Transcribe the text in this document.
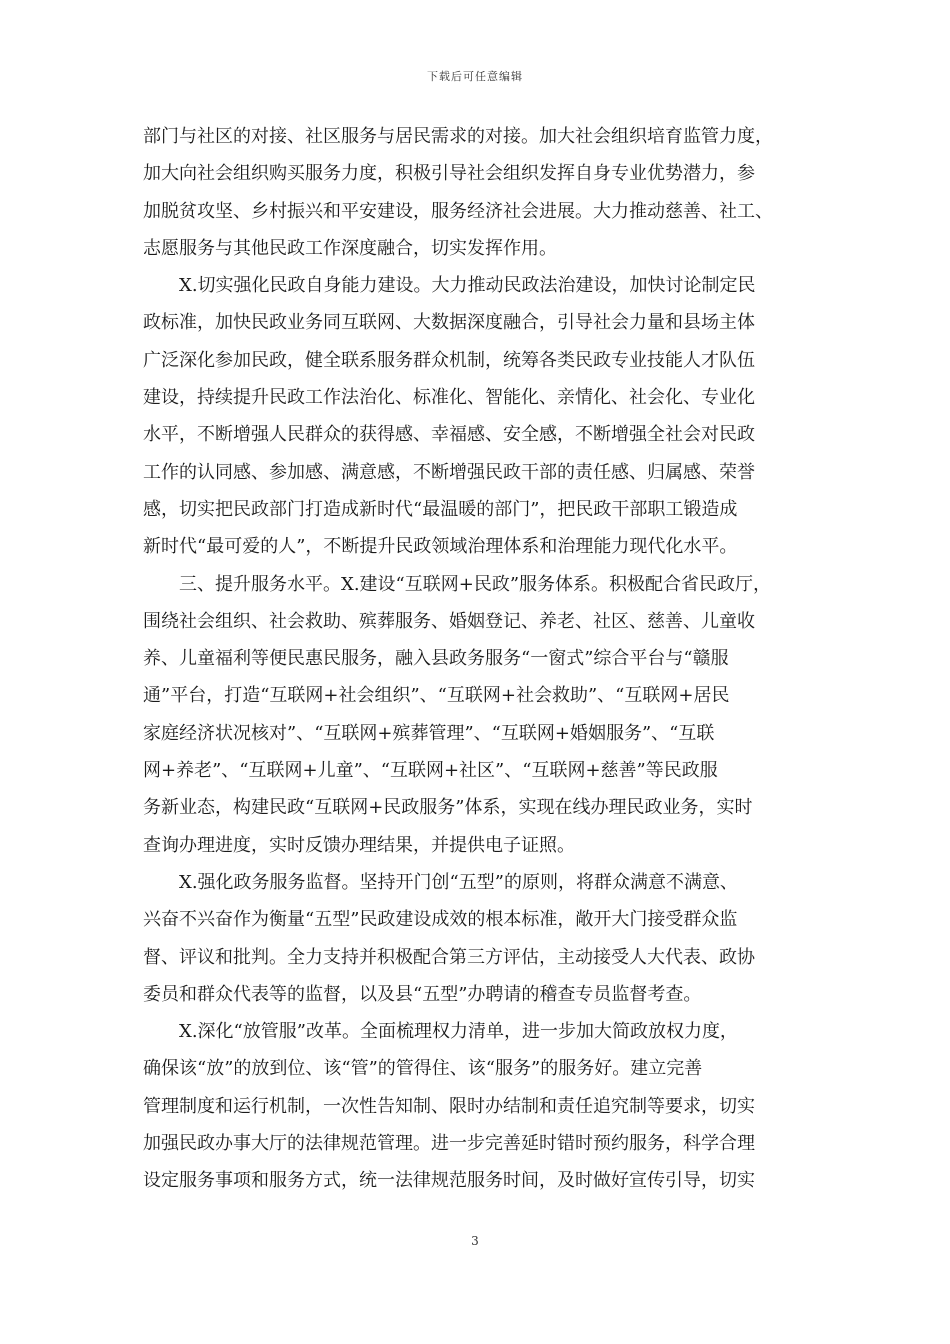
下载后可任意编辑
部门与社区的对接、社区服务与居民需求的对接。加大社会组织培育监管力度，
加大向社会组织购买服务力度，积极引导社会组织发挥自身专业优势潜力，参
加脱贫攻坚、乡村振兴和平安建设，服务经济社会进展。大力推动慈善、社工、
志愿服务与其他民政工作深度融合，切实发挥作用。
X.切实强化民政自身能力建设。大力推动民政法治建设，加快讨论制定民
政标准，加快民政业务同互联网、大数据深度融合，引导社会力量和县场主体
广泛深化参加民政，健全联系服务群众机制，统筹各类民政专业技能人才队伍
建设，持续提升民政工作法治化、标准化、智能化、亲情化、社会化、专业化
水平，不断增强人民群众的获得感、幸福感、安全感，不断增强全社会对民政
工作的认同感、参加感、满意感，不断增强民政干部的责任感、归属感、荣誉
感，切实把民政部门打造成新时代“最温暖的部门”，把民政干部职工锻造成
新时代“最可爱的人”，不断提升民政领域治理体系和治理能力现代化水平。
三、提升服务水平。X.建设“互联网+民政”服务体系。积极配合省民政厅，
围绕社会组织、社会救助、殡葬服务、婚姻登记、养老、社区、慈善、儿童收
养、儿童福利等便民惠民服务，融入县政务服务“一窗式”综合平台与“赣服
通”平台，打造“互联网+社会组织”、“互联网+社会救助”、“互联网+居民
家庭经济状况核对”、“互联网+殡葬管理”、“互联网+婚姻服务”、“互联
网+养老”、“互联网+儿童”、“互联网+社区”、“互联网+慈善”等民政服
务新业态，构建民政“互联网+民政服务”体系，实现在线办理民政业务，实时
查询办理进度，实时反馈办理结果，并提供电子证照。
X.强化政务服务监督。坚持开门创“五型”的原则，将群众满意不满意、
兴奋不兴奋作为衡量“五型”民政建设成效的根本标准，敞开大门接受群众监
督、评议和批判。全力支持并积极配合第三方评估，主动接受人大代表、政协
委员和群众代表等的监督，以及县“五型”办聘请的稽查专员监督考查。
X.深化“放管服”改革。全面梳理权力清单，进一步加大简政放权力度，
确保该“放”的放到位、该“管”的管得住、该“服务”的服务好。建立完善
管理制度和运行机制，一次性告知制、限时办结制和责任追究制等要求，切实
加强民政办事大厅的法律规范管理。进一步完善延时错时预约服务，科学合理
设定服务事项和服务方式，统一法律规范服务时间，及时做好宣传引导，切实
3
